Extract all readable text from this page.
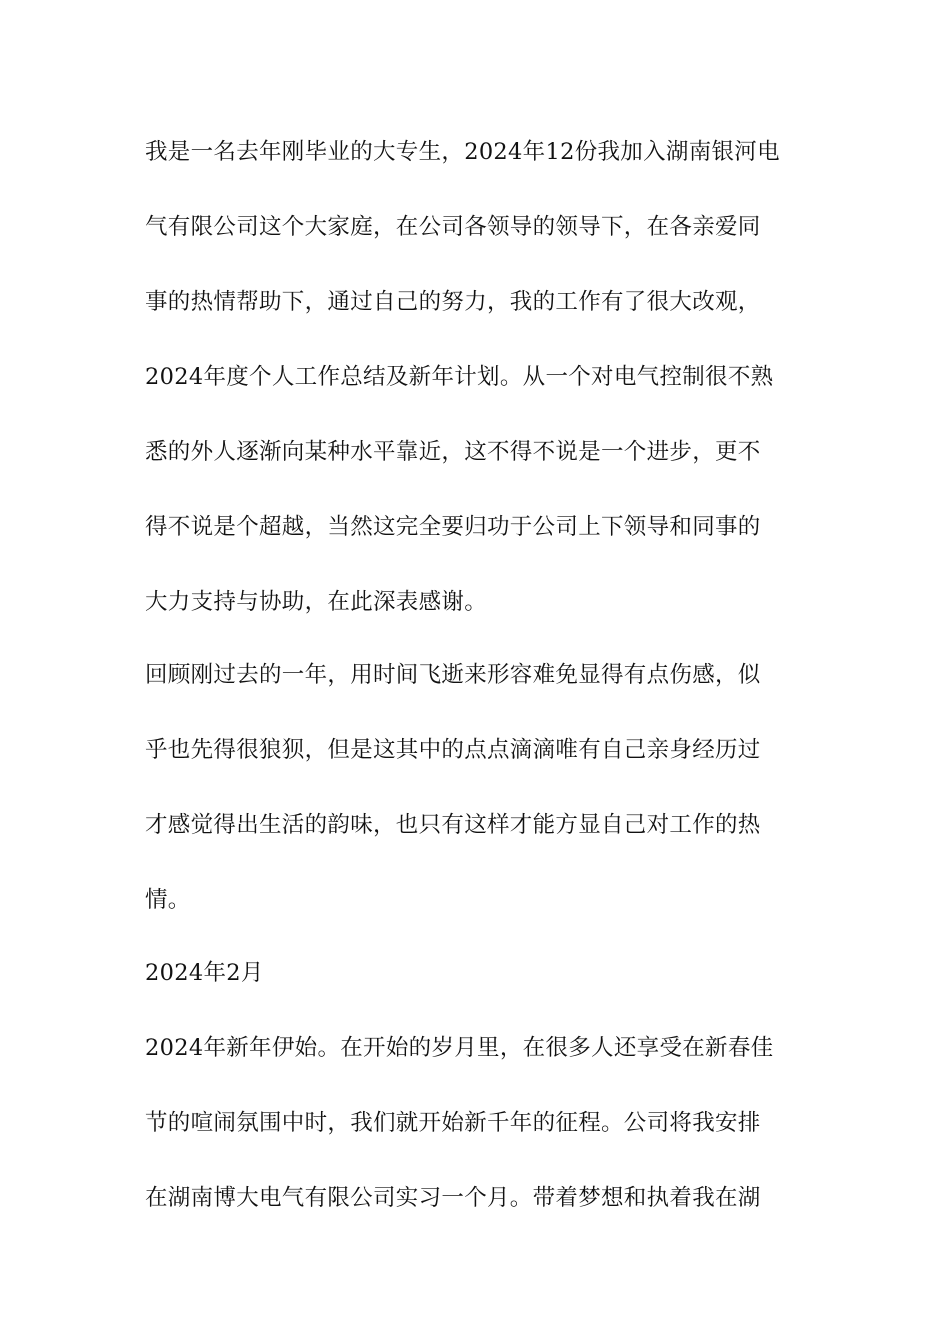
我是一名去年刚毕业的大专生，2024年12份我加入湖南银河电
气有限公司这个大家庭，在公司各领导的领导下，在各亲爱同
事的热情帮助下，通过自己的努力，我的工作有了很大改观，
2024年度个人工作总结及新年计划。从一个对电气控制很不熟
悉的外人逐渐向某种水平靠近，这不得不说是一个进步，更不
得不说是个超越，当然这完全要归功于公司上下领导和同事的
大力支持与协助，在此深表感谢。
回顾刚过去的一年，用时间飞逝来形容难免显得有点伤感，似
乎也先得很狼狈，但是这其中的点点滴滴唯有自己亲身经历过
才感觉得出生活的韵味，也只有这样才能方显自己对工作的热
情。
2024年2月
2024年新年伊始。在开始的岁月里，在很多人还享受在新春佳
节的喧闹氛围中时，我们就开始新千年的征程。公司将我安排
在湖南博大电气有限公司实习一个月。带着梦想和执着我在湖
